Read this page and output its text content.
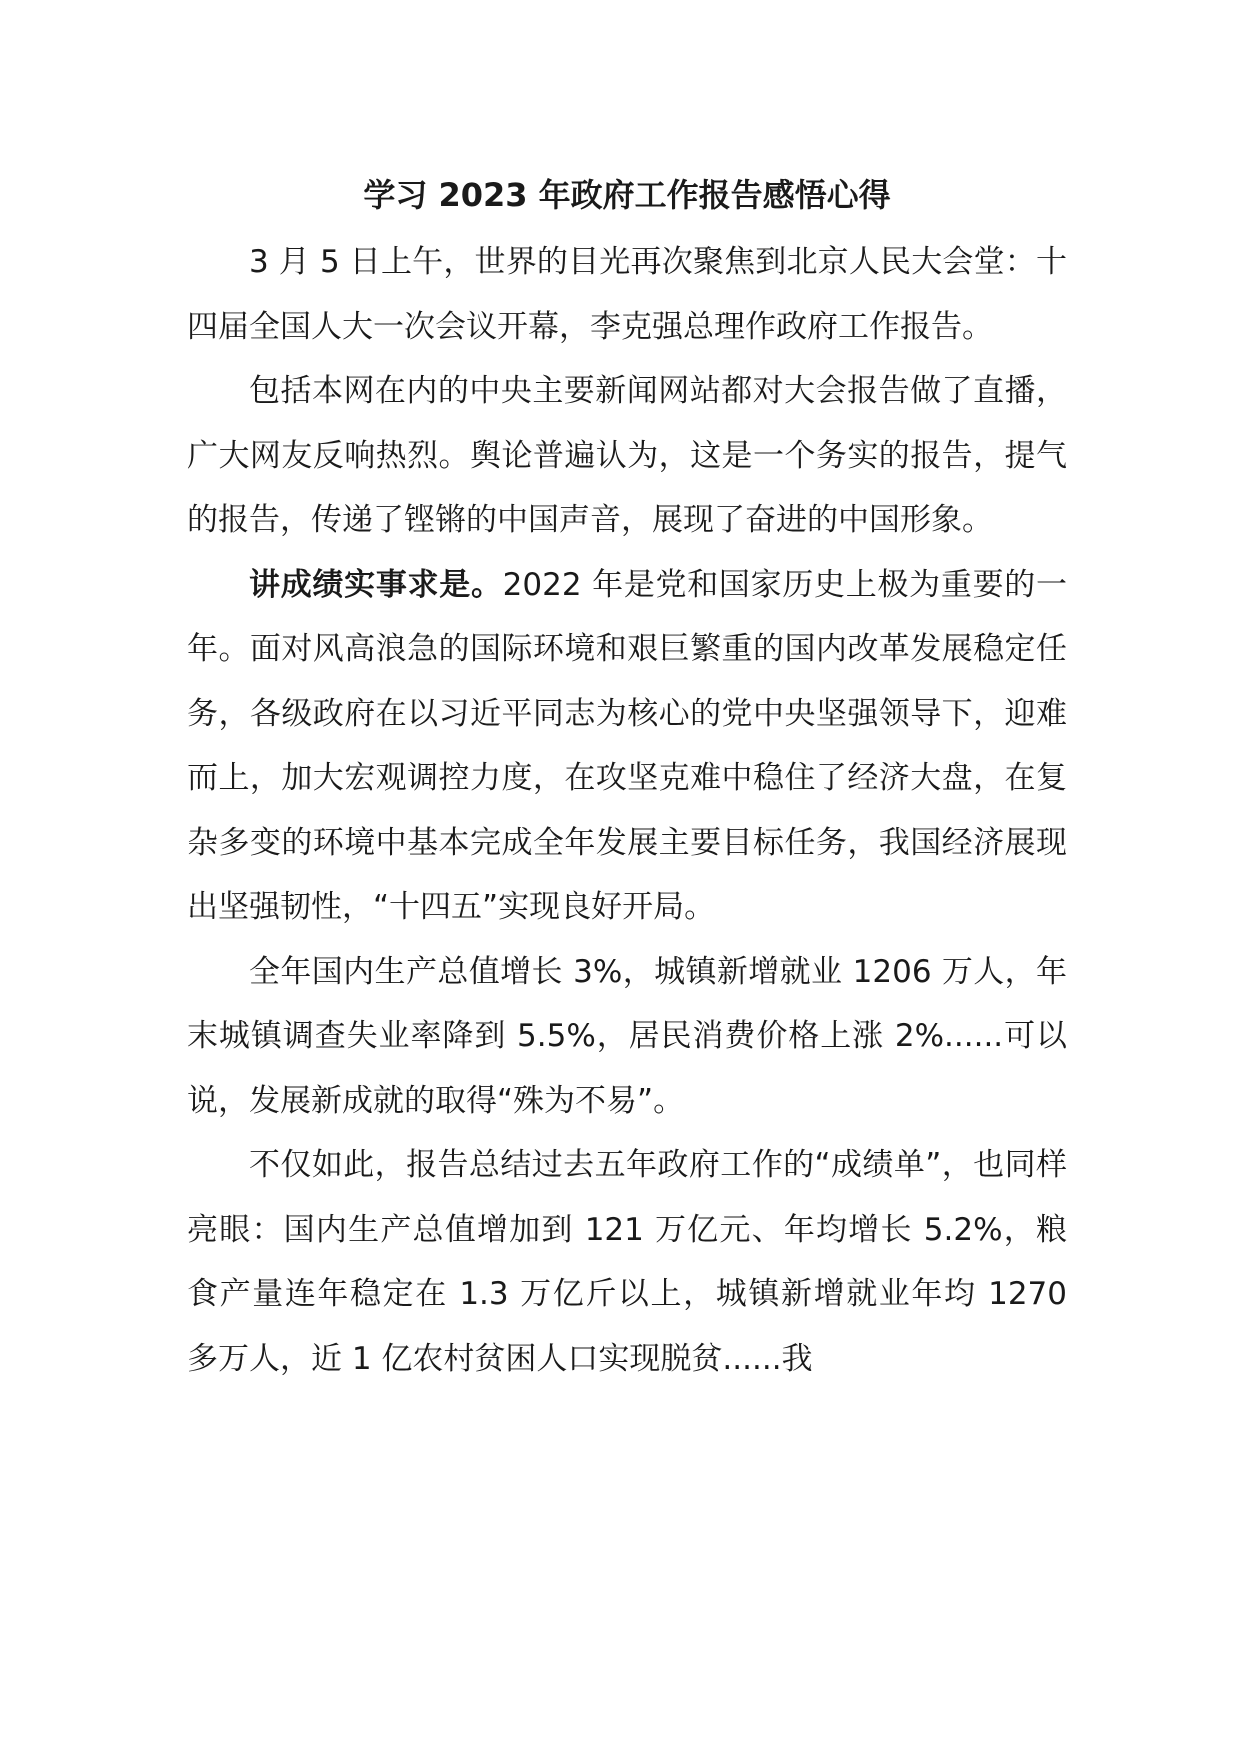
学习 2023 年政府工作报告感悟心得

3 月 5 日上午，世界的目光再次聚焦到北京人民大会堂：十四届全国人大一次会议开幕，李克强总理作政府工作报告。

包括本网在内的中央主要新闻网站都对大会报告做了直播，广大网友反响热烈。舆论普遍认为，这是一个务实的报告，提气的报告，传递了铿锵的中国声音，展现了奋进的中国形象。

讲成绩实事求是。2022 年是党和国家历史上极为重要的一年。面对风高浪急的国际环境和艰巨繁重的国内改革发展稳定任务，各级政府在以习近平同志为核心的党中央坚强领导下，迎难而上，加大宏观调控力度，在攻坚克难中稳住了经济大盘，在复杂多变的环境中基本完成全年发展主要目标任务，我国经济展现出坚强韧性，“十四五”实现良好开局。

全年国内生产总值增长 3%，城镇新增就业 1206 万人，年末城镇调查失业率降到 5.5%，居民消费价格上涨 2%......可以说，发展新成就的取得“殊为不易”。

不仅如此，报告总结过去五年政府工作的“成绩单”，也同样亮眼：国内生产总值增加到 121 万亿元、年均增长 5.2%，粮食产量连年稳定在 1.3 万亿斤以上，城镇新增就业年均 1270 多万人，近 1 亿农村贫困人口实现脱贫......我
